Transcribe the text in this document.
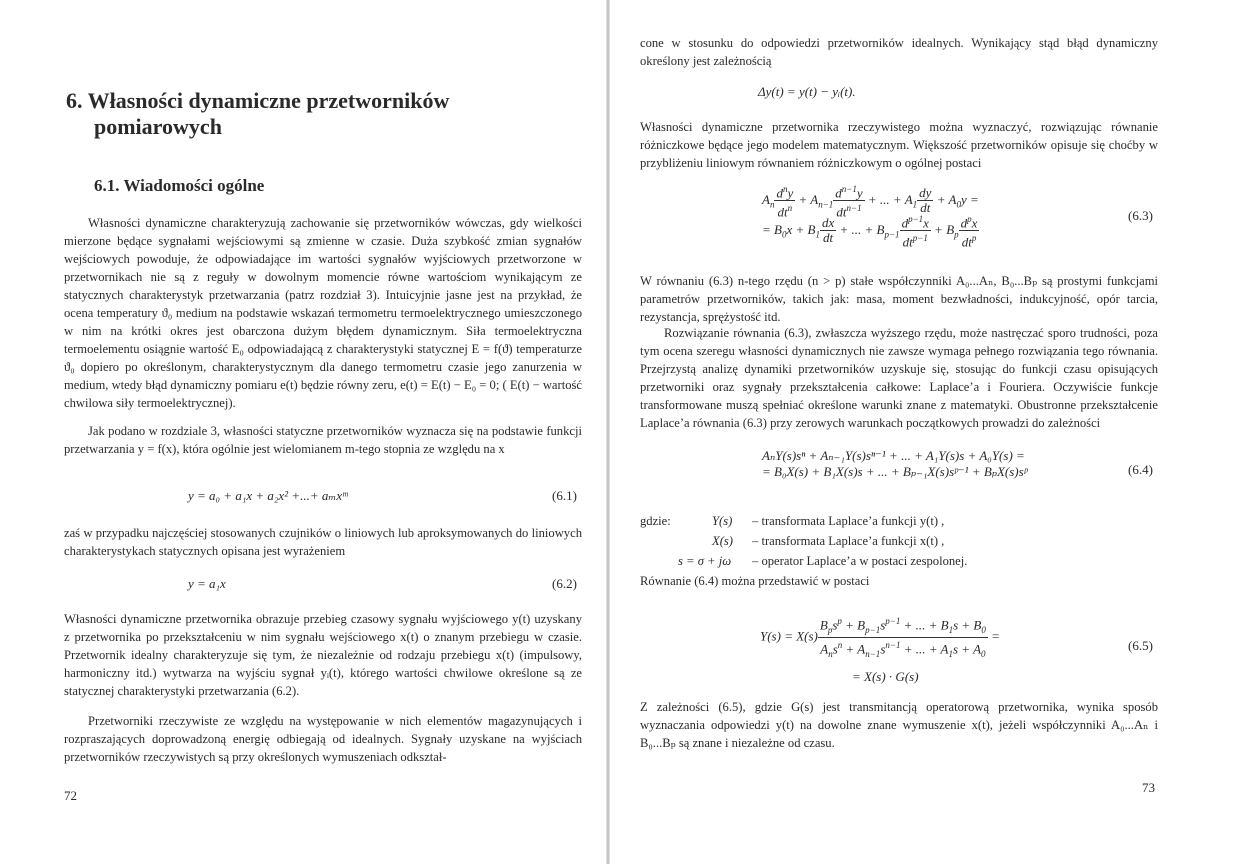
6. Własności dynamiczne przetworników
pomiarowych
6.1. Wiadomości ogólne

Własności dynamiczne charakteryzują zachowanie się przetworników wówczas, gdy wielkości mierzone będące sygnałami wejściowymi są zmienne w czasie. Duża szybkość zmian sygnałów wejściowych powoduje, że odpowiadające im wartości sygnałów wyjściowych przetworzone w przetwornikach nie są z reguły w dowolnym momencie równe wartościom wynikającym ze statycznych charakterystyk przetwarzania (patrz rozdział 3). Intuicyjnie jasne jest na przykład, że ocena temperatury ϑ₀ medium na podstawie wskazań termometru termoelektrycznego umieszczonego w nim na krótki okres jest obarczona dużym błędem dynamicznym. Siła termoelektryczna termoelementu osiągnie wartość E₀ odpowiadającą z charakterystyki statycznej E = f(ϑ) temperaturze ϑ₀ dopiero po określonym, charakterystycznym dla danego termometru czasie jego zanurzenia w medium, wtedy błąd dynamiczny pomiaru e(t) będzie równy zeru, e(t) = E(t) − E₀ = 0; ( E(t) − wartość chwilowa siły termoelektrycznej).

Jak podano w rozdziale 3, własności statyczne przetworników wyznacza się na podstawie funkcji przetwarzania y = f(x), która ogólnie jest wielomianem m-tego stopnia ze względu na x

y = a₀ + a₁x + a₂x² +...+ aₘxᵐ	(6.1)

zaś w przypadku najczęściej stosowanych czujników o liniowych lub aproksymowanych do liniowych charakterystykach statycznych opisana jest wyrażeniem

y = a₁x	(6.2)

Własności dynamiczne przetwornika obrazuje przebieg czasowy sygnału wyjściowego y(t) uzyskany z przetwornika po przekształceniu w nim sygnału wejściowego x(t) o znanym przebiegu w czasie. Przetwornik idealny charakteryzuje się tym, że niezależnie od rodzaju przebiegu x(t) (impulsowy, harmoniczny itd.) wytwarza na wyjściu sygnał yᵢ(t), którego wartości chwilowe określone są ze statycznej charakterystyki przetwarzania (6.2).

Przetworniki rzeczywiste ze względu na występowanie w nich elementów magazynujących i rozpraszających doprowadzoną energię odbiegają od idealnych. Sygnały uzyskane na wyjściach przetworników rzeczywistych są przy określonych wymuszeniach odkształ-

72

cone w stosunku do odpowiedzi przetworników idealnych. Wynikający stąd błąd dynamiczny określony jest zależnością

Δy(t) = y(t) − yᵢ(t).

Własności dynamiczne przetwornika rzeczywistego można wyznaczyć, rozwiązując równanie różniczkowe będące jego modelem matematycznym. Większość przetworników opisuje się choćby w przybliżeniu liniowym równaniem różniczkowym o ogólnej postaci

$A_n \frac{d^ny}{dt^n} + A_{n-1} \frac{d^{n-1}y}{dt^{n-1}}$ + ... + $A_1 \frac{dy}{dt} + A_0y$ =
= $B_0x + B_1 \frac{dx}{dt}$ + ... + $B_{p-1} \frac{d^{p-1}x}{dt^{p-1}} + B_p \frac{d^px}{dt^p}$	(6.3)

W równaniu (6.3) n-tego rzędu (n > p) stałe współczynniki A₀...Aₙ, B₀...Bₚ są prostymi funkcjami parametrów przetworników, takich jak: masa, moment bezwładności, indukcyjność, opór tarcia, rezystancja, sprężystość itd.

Rozwiązanie równania (6.3), zwłaszcza wyższego rzędu, może nastręczać sporo trudności, poza tym ocena szeregu własności dynamicznych nie zawsze wymaga pełnego rozwiązania tego równania. Przejrzystą analizę dynamiki przetworników uzyskuje się, stosując do funkcji czasu opisujących przetworniki oraz sygnały przekształcenia całkowe: Laplace’a i Fouriera. Oczywiście funkcje transformowane muszą spełniać określone warunki znane z matematyki. Obustronne przekształcenie Laplace’a równania (6.3) przy zerowych warunkach początkowych prowadzi do zależności

AₙY(s)sⁿ + Aₙ₋₁Y(s)sⁿ⁻¹ + ... + A₁Y(s)s + A₀Y(s) =
= B₀X(s) + B₁X(s)s + ... + Bₚ₋₁X(s)sᵖ⁻¹ + BₚX(s)sᵖ	(6.4)
gdzie:	Y(s) – transformata Laplace’a funkcji y(t) ,
X(s) – transformata Laplace’a funkcji x(t) ,
s = σ + jω – operator Laplace’a w postaci zespolonej.

Równanie (6.4) można przedstawić w postaci

$Y(s) = X(s) \frac{B_ps^p + B_{p-1}s^{p-1} + ... + B_1s + B_0}{A_ns^n + A_{n-1}s^{n-1} + ... + A_1s + A_0}$ =
= X(s) · G(s)
(6.5)

Z zależności (6.5), gdzie G(s) jest transmitancją operatorową przetwornika, wynika sposób wyznaczania odpowiedzi y(t) na dowolne znane wymuszenie x(t), jeżeli współczynniki A₀...Aₙ i B₀...Bₚ są znane i niezależne od czasu.

73
